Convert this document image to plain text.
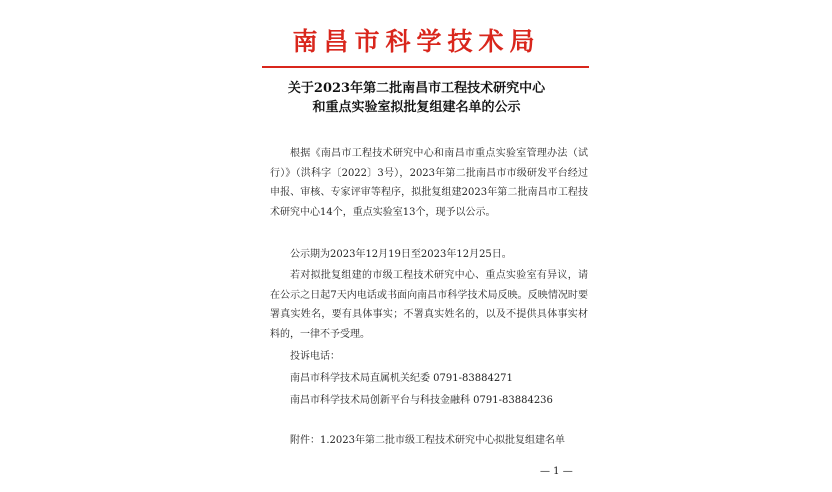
南昌市科学技术局
关于2023年第二批南昌市工程技术研究中心
和重点实验室拟批复组建名单的公示
根据《南昌市工程技术研究中心和南昌市重点实验室管理办法（试行）》（洪科字〔2022〕3号），2023年第二批南昌市市级研发平台经过申报、审核、专家评审等程序，拟批复组建2023年第二批南昌市工程技术研究中心14个，重点实验室13个，现予以公示。
公示期为2023年12月19日至2023年12月25日。
若对拟批复组建的市级工程技术研究中心、重点实验室有异议，请在公示之日起7天内电话或书面向南昌市科学技术局反映。反映情况时要署真实姓名，要有具体事实；不署真实姓名的，以及不提供具体事实材料的，一律不予受理。
投诉电话：
南昌市科学技术局直属机关纪委 0791-83884271
南昌市科学技术局创新平台与科技金融科 0791-83884236
附件：1.2023年第二批市级工程技术研究中心拟批复组建名单
— 1 —
